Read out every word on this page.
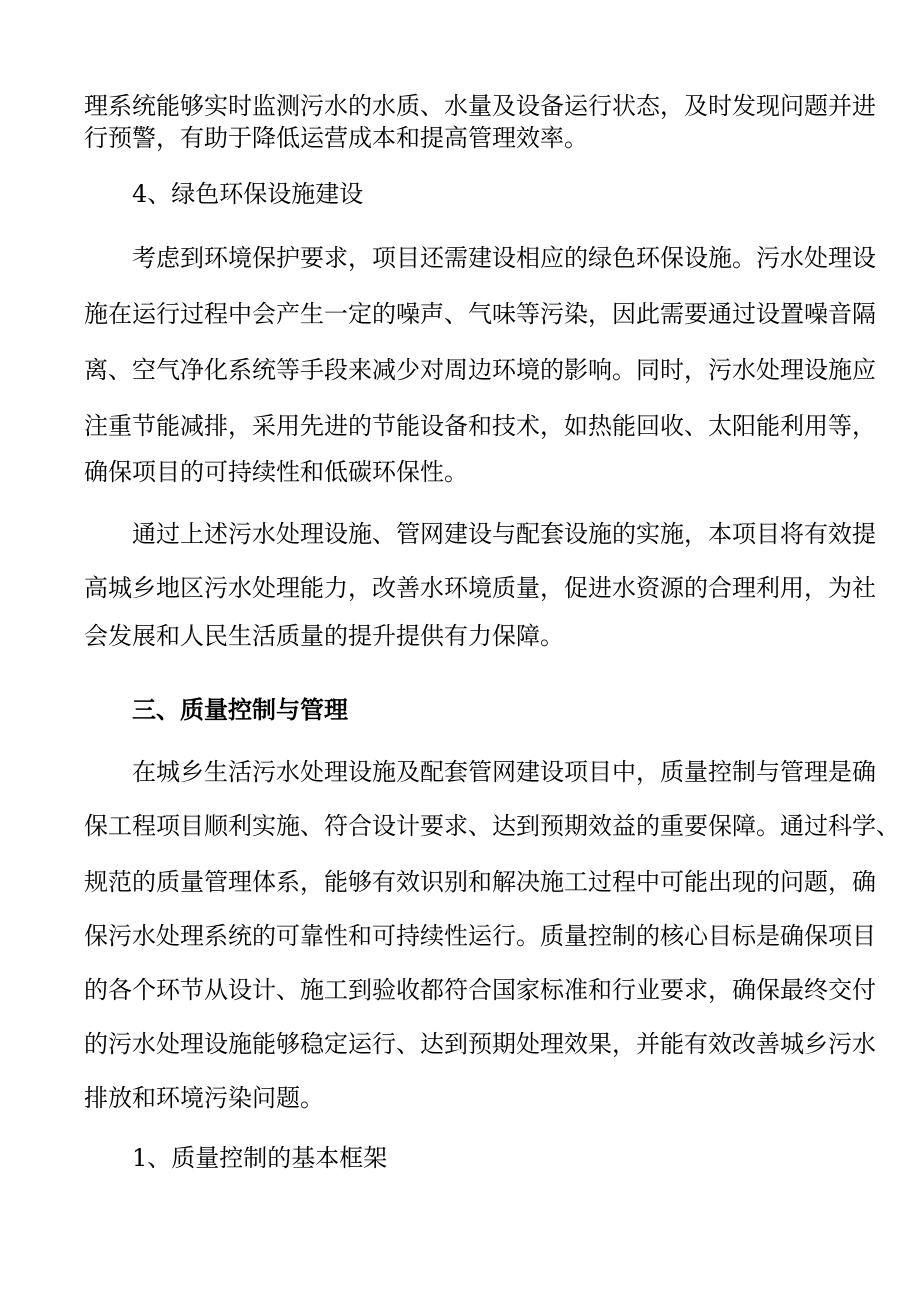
理系统能够实时监测污水的水质、水量及设备运行状态，及时发现问题并进
行预警，有助于降低运营成本和提高管理效率。
4、绿色环保设施建设
考虑到环境保护要求，项目还需建设相应的绿色环保设施。污水处理设
施在运行过程中会产生一定的噪声、气味等污染，因此需要通过设置噪音隔
离、空气净化系统等手段来减少对周边环境的影响。同时，污水处理设施应
注重节能减排，采用先进的节能设备和技术，如热能回收、太阳能利用等，
确保项目的可持续性和低碳环保性。
通过上述污水处理设施、管网建设与配套设施的实施，本项目将有效提
高城乡地区污水处理能力，改善水环境质量，促进水资源的合理利用，为社
会发展和人民生活质量的提升提供有力保障。
三、质量控制与管理
在城乡生活污水处理设施及配套管网建设项目中，质量控制与管理是确
保工程项目顺利实施、符合设计要求、达到预期效益的重要保障。通过科学、
规范的质量管理体系，能够有效识别和解决施工过程中可能出现的问题，确
保污水处理系统的可靠性和可持续性运行。质量控制的核心目标是确保项目
的各个环节从设计、施工到验收都符合国家标准和行业要求，确保最终交付
的污水处理设施能够稳定运行、达到预期处理效果，并能有效改善城乡污水
排放和环境污染问题。
1、质量控制的基本框架
